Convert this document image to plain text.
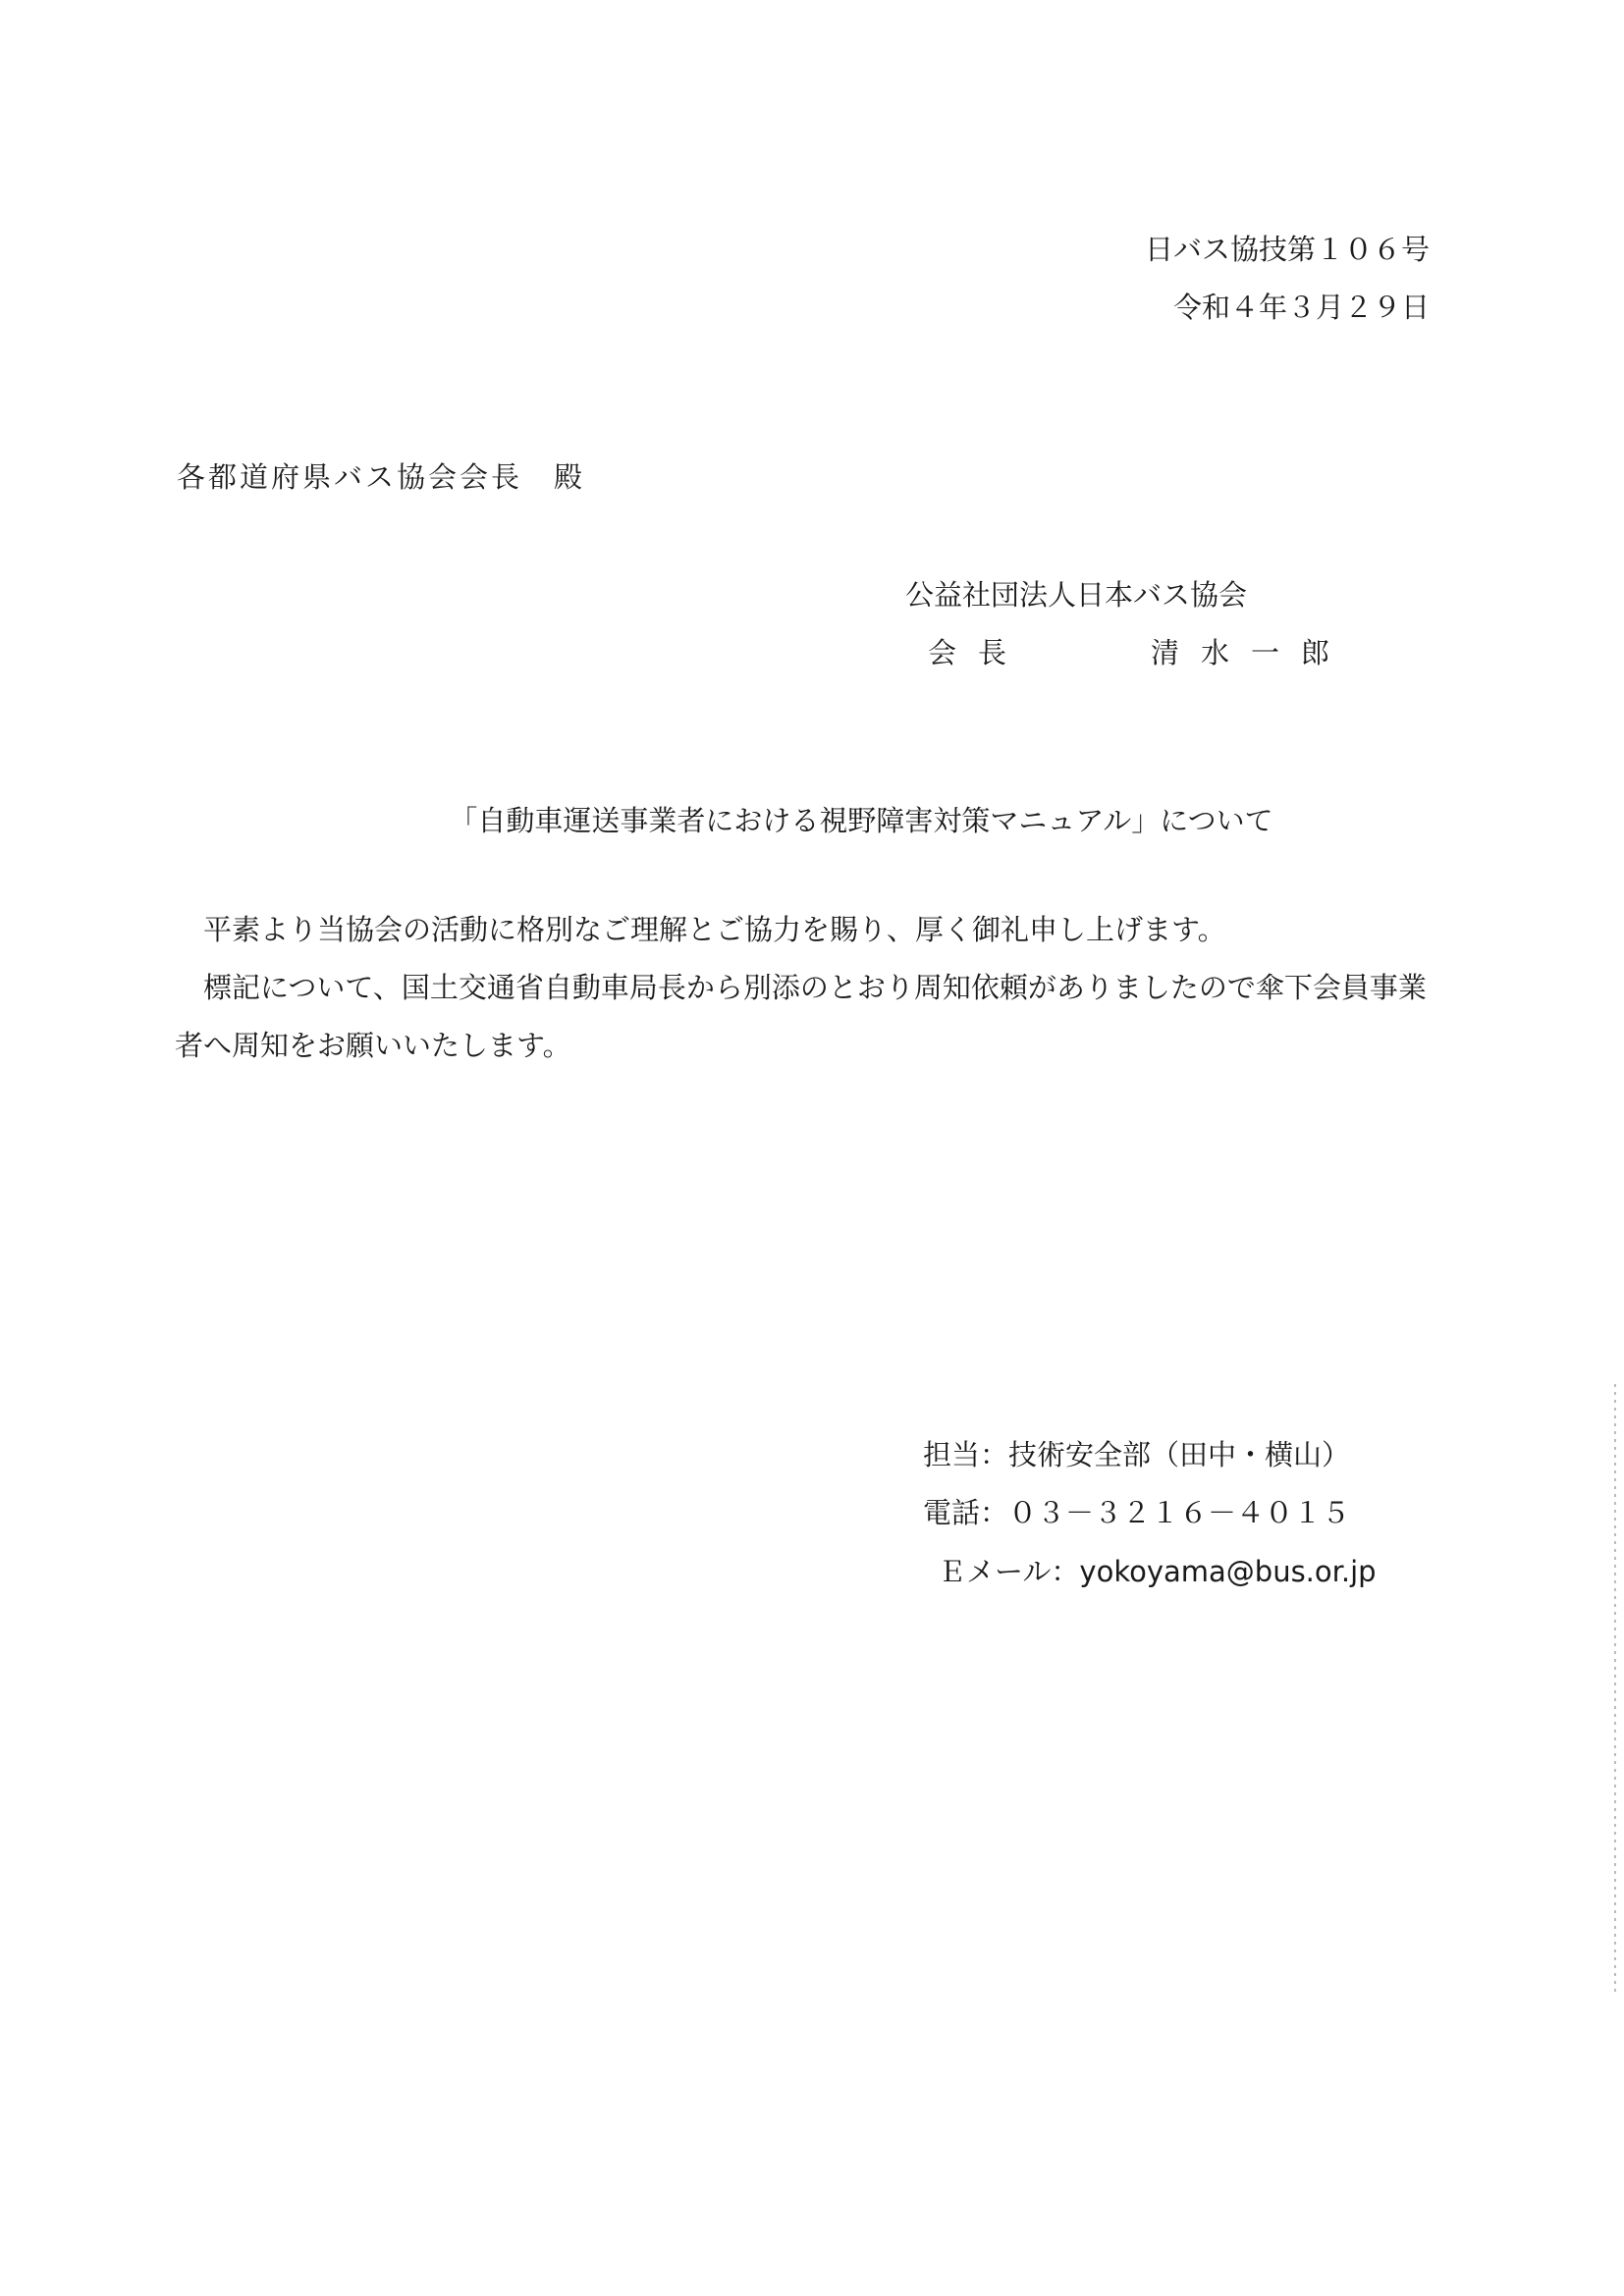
日バス協技第１０６号
令和４年３月２９日
各都道府県バス協会会長　殿
公益社団法人日本バス協会
会長	清水一郎
「自動車運送事業者における視野障害対策マニュアル」について
平素より当協会の活動に格別なご理解とご協力を賜り、厚く御礼申し上げます。
標記について、国土交通省自動車局長から別添のとおり周知依頼がありましたので傘下会員事業者へ周知をお願いいたします。
担当：技術安全部（田中・横山）
電話：０３－３２１６－４０１５
Ｅメール：yokoyama@bus.or.jp
